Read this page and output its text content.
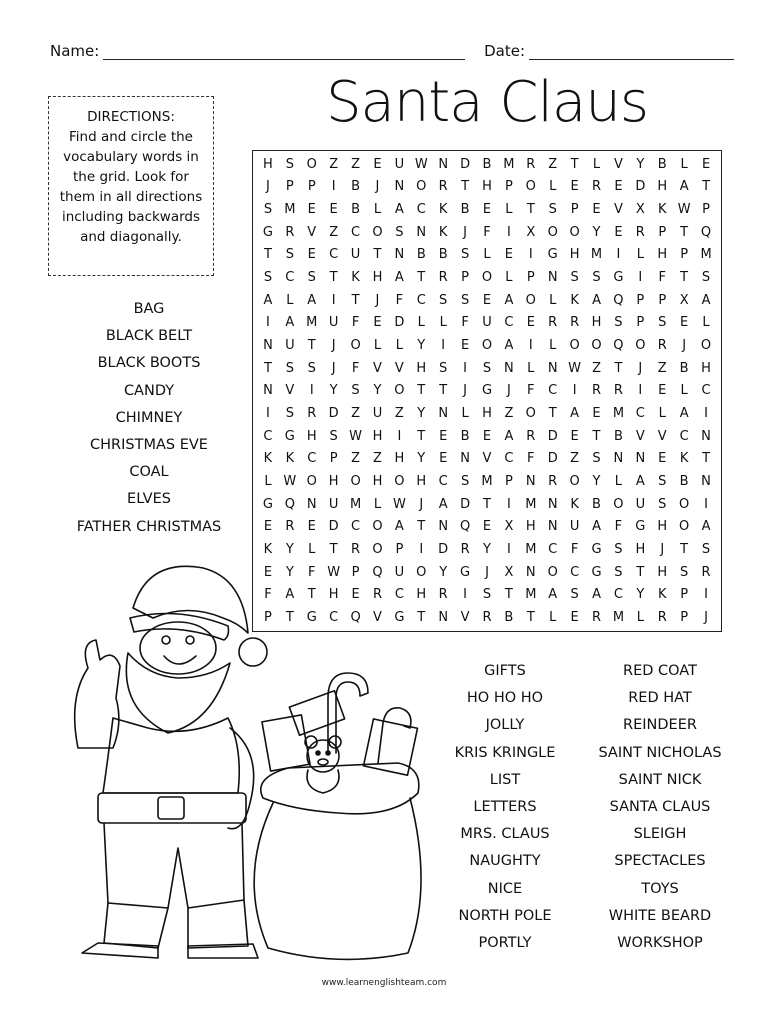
Name:	Date:
Santa Claus
DIRECTIONS:
Find and circle the vocabulary words in the grid. Look for them in all directions including backwards and diagonally.
H S O Z	Z	E	U W N D B M R Z	T	L	V	Y	B	L	E
J	P	P	I	B	J	N O R	T	H	P O	L	E	R	E D H A	T
S M E	E	B	L	A C	K	B	E	L	T	S	P	E	V	X	K W P
G R V	Z C O S N K	J	F	I	X O O Y	E	R	P	T Q
T	S	E	C U	T	N B B	S	L	E	I	G H M	I	L	H	P M
S	C	S	T	K H A	T	R	P O	L	P	N S	S G	I	F	T	S
A	L	A	I	T	J	F	C	S	S	E	A O	L	K	A Q P	P	X	A
I	A M U	F	E D	L	L	F	U C	E	R R H S	P	S	E	L
N U	T	J	O	L	L	Y	I	E O A	I	L	O O Q O R	J	O
T	S	S	J	F	V	V H S	I	S N	L	N W Z	T	J	Z B H
N V	I	Y	S	Y O T	T	J	G	J	F	C	I	R R	I	E	L	C
I	S	R D Z U Z	Y	N	L	H Z O T	A	E M C	L	A	I
C G H S W H	I	T	E	B	E	A R D E	T	B	V	V C N
K	K	C	P	Z	Z H	Y	E N V C	F	D Z	S N N E	K	T
L W O H O H O H C	S M P	N R O Y	L	A	S	B N
G Q N U M L W	J	A D T	I	M N K	B O U	S O	I
E	R	E D C O A	T	N Q E	X H N U A	F	G H O A
K	Y	L	T	R O P	I	D R	Y	I	M C	F	G S H	J	T	S
E	Y	F W P Q U O Y G	J	X N O C G S	T	H S	R
F	A	T	H E	R C H R	I	S	T M A	S	A C	Y	K	P	I
P	T G C Q V G T	N V R B	T	L	E	R M L	R	P	J
BAG
BLACK BELT
BLACK BOOTS
CANDY
CHIMNEY
CHRISTMAS EVE
COAL
ELVES
FATHER CHRISTMAS
GIFTS
HO HO HO
JOLLY
KRIS KRINGLE
LIST
LETTERS
MRS. CLAUS
NAUGHTY
NICE
NORTH POLE
PORTLY
RED COAT
RED HAT
REINDEER
SAINT NICHOLAS
SAINT NICK
SANTA CLAUS
SLEIGH
SPECTACLES
TOYS
WHITE BEARD
WORKSHOP
www.learnenglishteam.com
